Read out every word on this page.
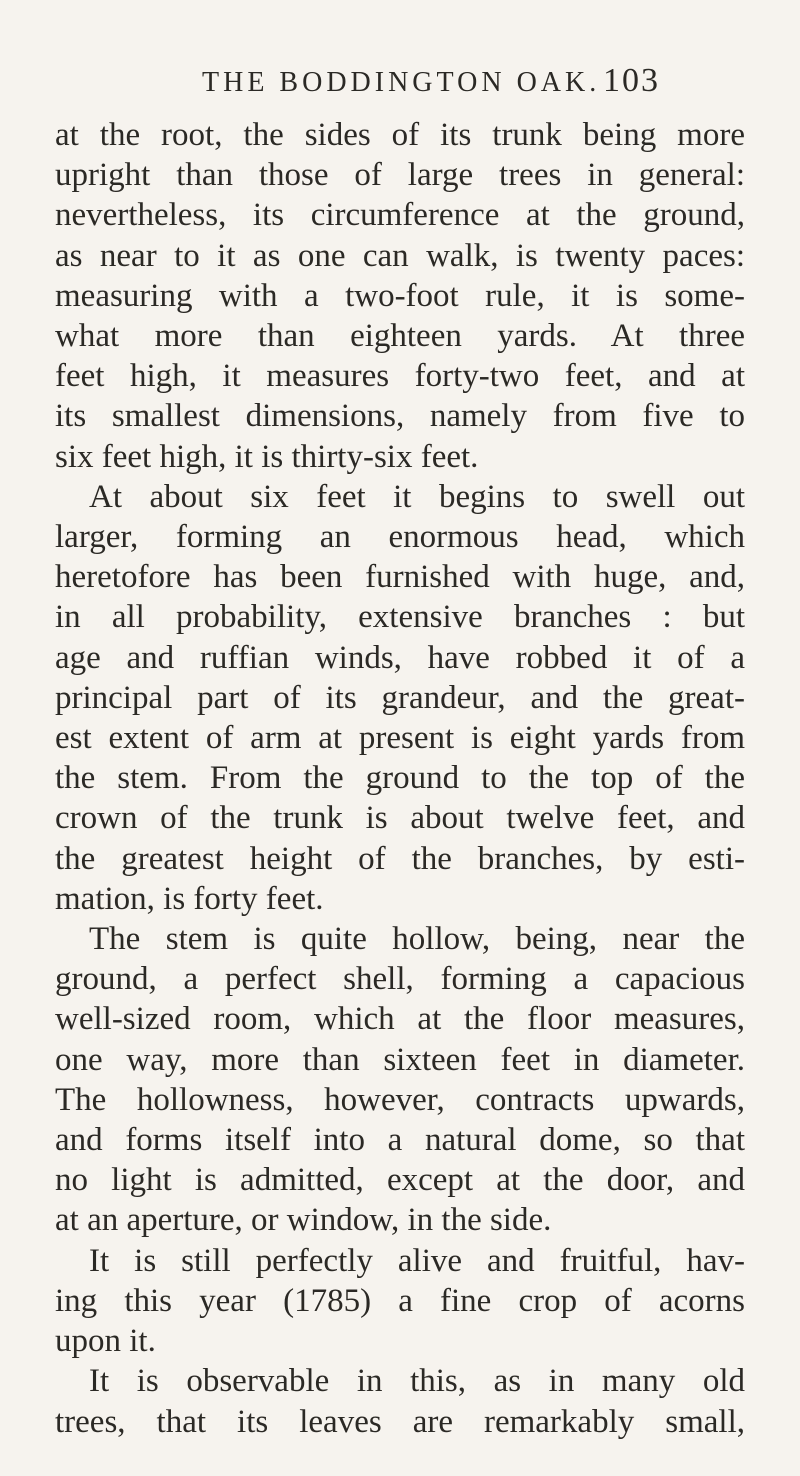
THE BODDINGTON OAK. 103
at the root, the sides of its trunk being more
upright than those of large trees in general:
nevertheless, its circumference at the ground,
as near to it as one can walk, is twenty paces:
measuring with a two-foot rule, it is some-
what more than eighteen yards. At three
feet high, it measures forty-two feet, and at
its smallest dimensions, namely from five to
six feet high, it is thirty-six feet.
At about six feet it begins to swell out
larger, forming an enormous head, which
heretofore has been furnished with huge, and,
in all probability, extensive branches : but
age and ruffian winds, have robbed it of a
principal part of its grandeur, and the great-
est extent of arm at present is eight yards from
the stem. From the ground to the top of the
crown of the trunk is about twelve feet, and
the greatest height of the branches, by esti-
mation, is forty feet.
The stem is quite hollow, being, near the
ground, a perfect shell, forming a capacious
well-sized room, which at the floor measures,
one way, more than sixteen feet in diameter.
The hollowness, however, contracts upwards,
and forms itself into a natural dome, so that
no light is admitted, except at the door, and
at an aperture, or window, in the side.
It is still perfectly alive and fruitful, hav-
ing this year (1785) a fine crop of acorns
upon it.
It is observable in this, as in many old
trees, that its leaves are remarkably small,
